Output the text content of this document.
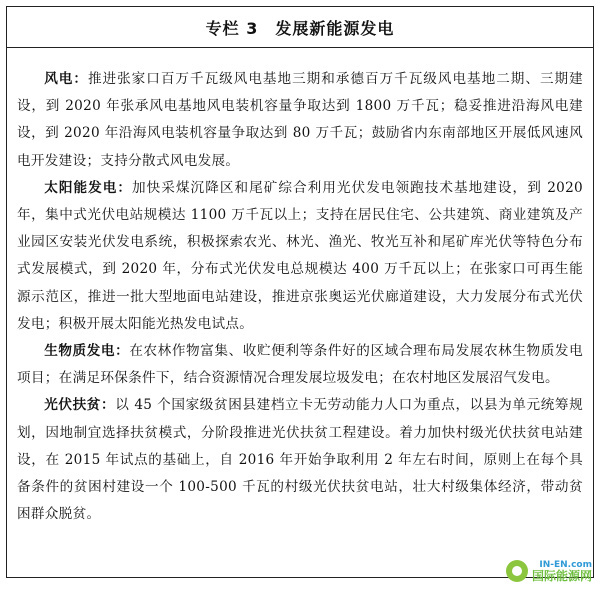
专栏 3　发展新能源发电

风电：推进张家口百万千瓦级风电基地三期和承德百万千瓦级风电基地二期、三期建设，到 2020 年张承风电基地风电装机容量争取达到 1800 万千瓦；稳妥推进沿海风电建设，到 2020 年沿海风电装机容量争取达到 80 万千瓦；鼓励省内东南部地区开展低风速风电开发建设；支持分散式风电发展。

太阳能发电：加快采煤沉降区和尾矿综合利用光伏发电领跑技术基地建设，到 2020 年，集中式光伏电站规模达 1100 万千瓦以上；支持在居民住宅、公共建筑、商业建筑及产业园区安装光伏发电系统，积极探索农光、林光、渔光、牧光互补和尾矿库光伏等特色分布式发展模式，到 2020 年，分布式光伏发电总规模达 400 万千瓦以上；在张家口可再生能源示范区，推进一批大型地面电站建设，推进京张奥运光伏廊道建设，大力发展分布式光伏发电；积极开展太阳能光热发电试点。

生物质发电：在农林作物富集、收贮便利等条件好的区域合理布局发展农林生物质发电项目；在满足环保条件下，结合资源情况合理发展垃圾发电；在农村地区发展沼气发电。

光伏扶贫：以 45 个国家级贫困县建档立卡无劳动能力人口为重点，以县为单元统筹规划，因地制宜选择扶贫模式，分阶段推进光伏扶贫工程建设。着力加快村级光伏扶贫电站建设，在 2015 年试点的基础上，自 2016 年开始争取利用 2 年左右时间，原则上在每个具备条件的贫困村建设一个 100-500 千瓦的村级光伏扶贫电站，壮大村级集体经济，带动贫困群众脱贫。

IN-EN.com
国际能源网
